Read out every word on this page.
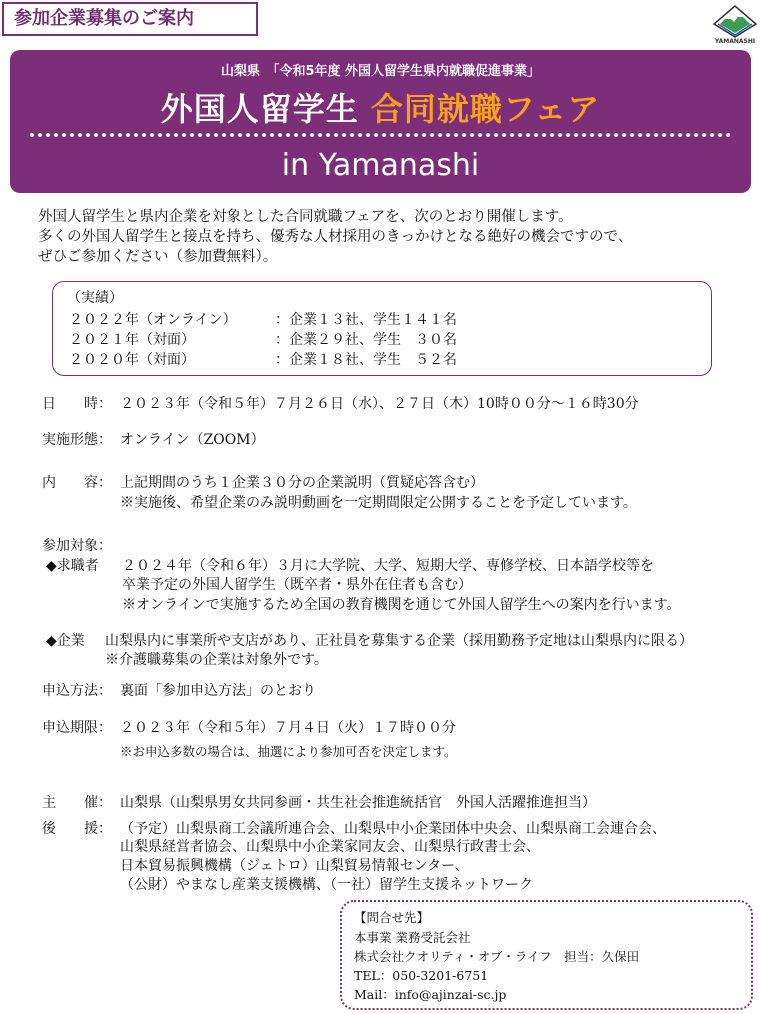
参加企業募集のご案内
YAMANASHI
山梨県　「令和5年度 外国人留学生県内就職促進事業」
外国人留学生 合同就職フェア
in Yamanashi
外国人留学生と県内企業を対象とした合同就職フェアを、次のとおり開催します。
多くの外国人留学生と接点を持ち、優秀な人材採用のきっかけとなる絶好の機会ですので、
ぜひご参加ください（参加費無料）。
（実績）
２０２２年（オンライン）	：企業１３社、学生１４１名
２０２１年（対面）	：企業２９社、学生　３０名
２０２０年（対面）	：企業１８社、学生　５２名
日　　時： ２０２３年（令和５年）７月２６日（水）、２７日（木）10時００分～１６時30分
実施形態： オンライン（ZOOM）
内　　容： 上記期間のうち１企業３０分の企業説明（質疑応答含む）
※実施後、希望企業のみ説明動画を一定期間限定公開することを予定しています。
参加対象：
◆求職者 ２０２４年（令和６年）３月に大学院、大学、短期大学、専修学校、日本語学校等を
卒業予定の外国人留学生（既卒者・県外在住者も含む）
※オンラインで実施するため全国の教育機関を通じて外国人留学生への案内を行います。
◆企業 山梨県内に事業所や支店があり、正社員を募集する企業（採用勤務予定地は山梨県内に限る）
※介護職募集の企業は対象外です。
申込方法： 裏面「参加申込方法」のとおり
申込期限： ２０２３年（令和５年）７月４日（火）１７時００分
※お申込多数の場合は、抽選により参加可否を決定します。
主　　催： 山梨県（山梨県男女共同参画・共生社会推進統括官　外国人活躍推進担当）
後　　援： （予定）山梨県商工会議所連合会、山梨県中小企業団体中央会、山梨県商工会連合会、
山梨県経営者協会、山梨県中小企業家同友会、山梨県行政書士会、
日本貿易振興機構（ジェトロ）山梨貿易情報センター、
（公財）やまなし産業支援機構、（一社）留学生支援ネットワーク
【問合せ先】
本事業 業務受託会社
株式会社クオリティ・オブ・ライフ　担当：久保田
TEL：050-3201-6751
Mail：info@ajinzai-sc.jp
